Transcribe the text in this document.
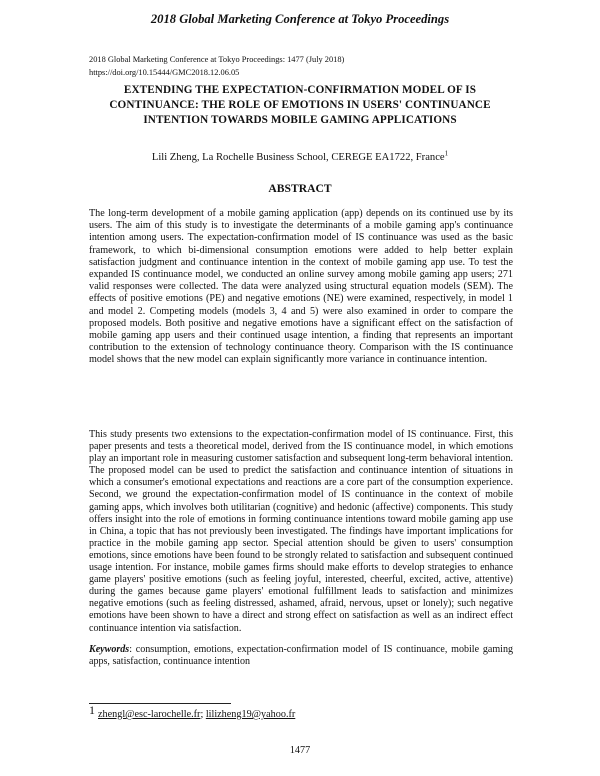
2018 Global Marketing Conference at Tokyo Proceedings
2018 Global Marketing Conference at Tokyo Proceedings: 1477 (July 2018)
https://doi.org/10.15444/GMC2018.12.06.05
EXTENDING THE EXPECTATION-CONFIRMATION MODEL OF IS CONTINUANCE: THE ROLE OF EMOTIONS IN USERS' CONTINUANCE INTENTION TOWARDS MOBILE GAMING APPLICATIONS
Lili Zheng, La Rochelle Business School, CEREGE EA1722, France$^1$
ABSTRACT

The long-term development of a mobile gaming application (app) depends on its continued use by its users. The aim of this study is to investigate the determinants of a mobile gaming app's continuance intention among users. The expectation-confirmation model of IS continuance was used as the basic framework, to which bi-dimensional consumption emotions were added to help better explain satisfaction judgment and continuance intention in the context of mobile gaming app use. To test the expanded IS continuance model, we conducted an online survey among mobile gaming app users; 271 valid responses were collected. The data were analyzed using structural equation models (SEM). The effects of positive emotions (PE) and negative emotions (NE) were examined, respectively, in model 1 and model 2. Competing models (models 3, 4 and 5) were also examined in order to compare the proposed models. Both positive and negative emotions have a significant effect on the satisfaction of mobile gaming app users and their continued usage intention, a finding that represents an important contribution to the extension of technology continuance theory. Comparison with the IS continuance model shows that the new model can explain significantly more variance in continuance intention.

This study presents two extensions to the expectation-confirmation model of IS continuance. First, this paper presents and tests a theoretical model, derived from the IS continuance model, in which emotions play an important role in measuring customer satisfaction and subsequent long-term behavioral intention. The proposed model can be used to predict the satisfaction and continuance intention of situations in which a consumer's emotional expectations and reactions are a core part of the consumption experience. Second, we ground the expectation-confirmation model of IS continuance in the context of mobile gaming apps, which involves both utilitarian (cognitive) and hedonic (affective) components. This study offers insight into the role of emotions in forming continuance intentions toward mobile gaming app use in China, a topic that has not previously been investigated. The findings have important implications for practice in the mobile gaming app sector. Special attention should be given to users' consumption emotions, since emotions have been found to be strongly related to satisfaction and subsequent continued usage intention. For instance, mobile games firms should make efforts to develop strategies to enhance game players' positive emotions (such as feeling joyful, interested, cheerful, excited, active, attentive) during the games because game players' emotional fulfillment leads to satisfaction and minimizes negative emotions (such as feeling distressed, ashamed, afraid, nervous, upset or lonely); such negative emotions have been shown to have a direct and strong effect on satisfaction as well as an indirect effect continuance intention via satisfaction.

Keywords: consumption, emotions, expectation-confirmation model of IS continuance, mobile gaming apps, satisfaction, continuance intention

1 zhengl@esc-larochelle.fr; lilizheng19@yahoo.fr
1477
